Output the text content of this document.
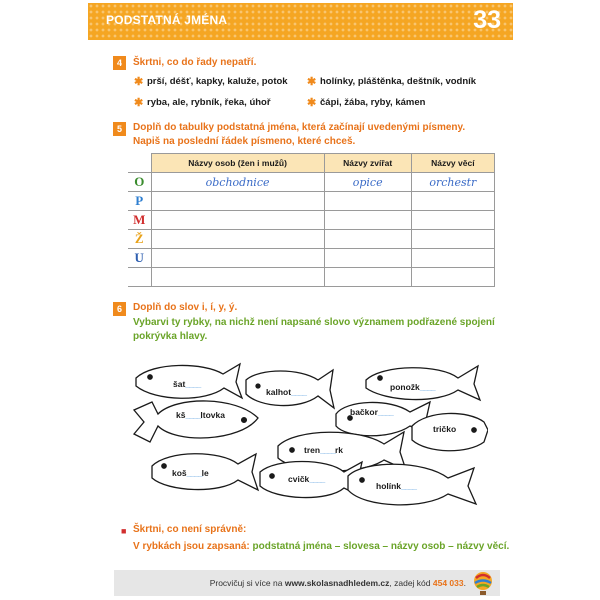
PODSTATNÁ JMÉNA	33
4	Škrtni, co do řady nepatří.
✱ prší, déšť, kapky, kaluže, potok ✱ holínky, pláštěnka, deštník, vodník
✱ ryba, ale, rybník, řeka, úhoř	✱ čápi, žába, ryby, kámen
5	Doplň do tabulky podstatná jména, která začínají uvedenými písmeny.
Napiš na poslední řádek písmeno, které chceš.
	Názvy osob (žen i mužů)	Názvy zvířat	Názvy věcí
O	obchodnice	opice	orchestr
P			
M			
Ž			
U			

6	Doplň do slov i, í, y, ý.
Vybarvi ty rybky, na nichž není napsané slovo významem podřazené spojení
pokrývka hlavy.
šat____
kalhot____	ponožk____
kš____ltovka	bačkor____
tričko
tren____rk
koš____le
cvičk____
holínk____
■ Škrtni, co není správně:
V rybkách jsou zapsaná: podstatná jména – slovesa – názvy osob – názvy věcí.
Procvičuj si více na www.skolasnadhledem.cz, zadej kód 454 033.
